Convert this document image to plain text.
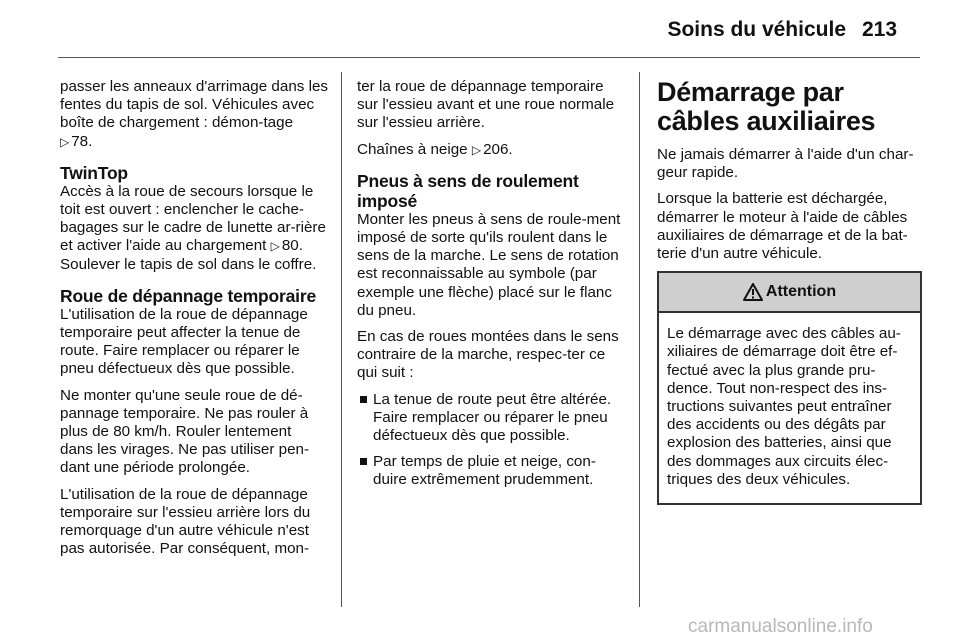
Soins du véhicule 213

passer les anneaux d'arrimage dans les fentes du tapis de sol. Véhicules avec boîte de chargement : démon-tage ▷ 78.

TwinTop

Accès à la roue de secours lorsque le toit est ouvert : enclencher le cache-bagages sur le cadre de lunette ar-rière et activer l'aide au chargement ▷ 80. Soulever le tapis de sol dans le coffre.

Roue de dépannage temporaire

L'utilisation de la roue de dépannage temporaire peut affecter la tenue de route. Faire remplacer ou réparer le pneu défectueux dès que possible.

Ne monter qu'une seule roue de dé-pannage temporaire. Ne pas rouler à plus de 80 km/h. Rouler lentement dans les virages. Ne pas utiliser pen-dant une période prolongée.

L'utilisation de la roue de dépannage temporaire sur l'essieu arrière lors du remorquage d'un autre véhicule n'est pas autorisée. Par conséquent, mon-

ter la roue de dépannage temporaire sur l'essieu avant et une roue normale sur l'essieu arrière.

Chaînes à neige ▷ 206.

Pneus à sens de roulement imposé

Monter les pneus à sens de roule-ment imposé de sorte qu'ils roulent dans le sens de la marche. Le sens de rotation est reconnaissable au symbole (par exemple une flèche) placé sur le flanc du pneu.

En cas de roues montées dans le sens contraire de la marche, respec-ter ce qui suit :

La tenue de route peut être altérée. Faire remplacer ou réparer le pneu défectueux dès que possible.
Par temps de pluie et neige, con-duire extrêmement prudemment.
Démarrage par câbles auxiliaires

Ne jamais démarrer à l'aide d'un char-geur rapide.

Lorsque la batterie est déchargée, démarrer le moteur à l'aide de câbles auxiliaires de démarrage et de la bat-terie d'un autre véhicule.

Attention
Le démarrage avec des câbles au-xiliaires de démarrage doit être ef-fectué avec la plus grande pru-dence. Tout non-respect des ins-tructions suivantes peut entraîner des accidents ou des dégâts par explosion des batteries, ainsi que des dommages aux circuits élec-triques des deux véhicules.
carmanualsonline.info
